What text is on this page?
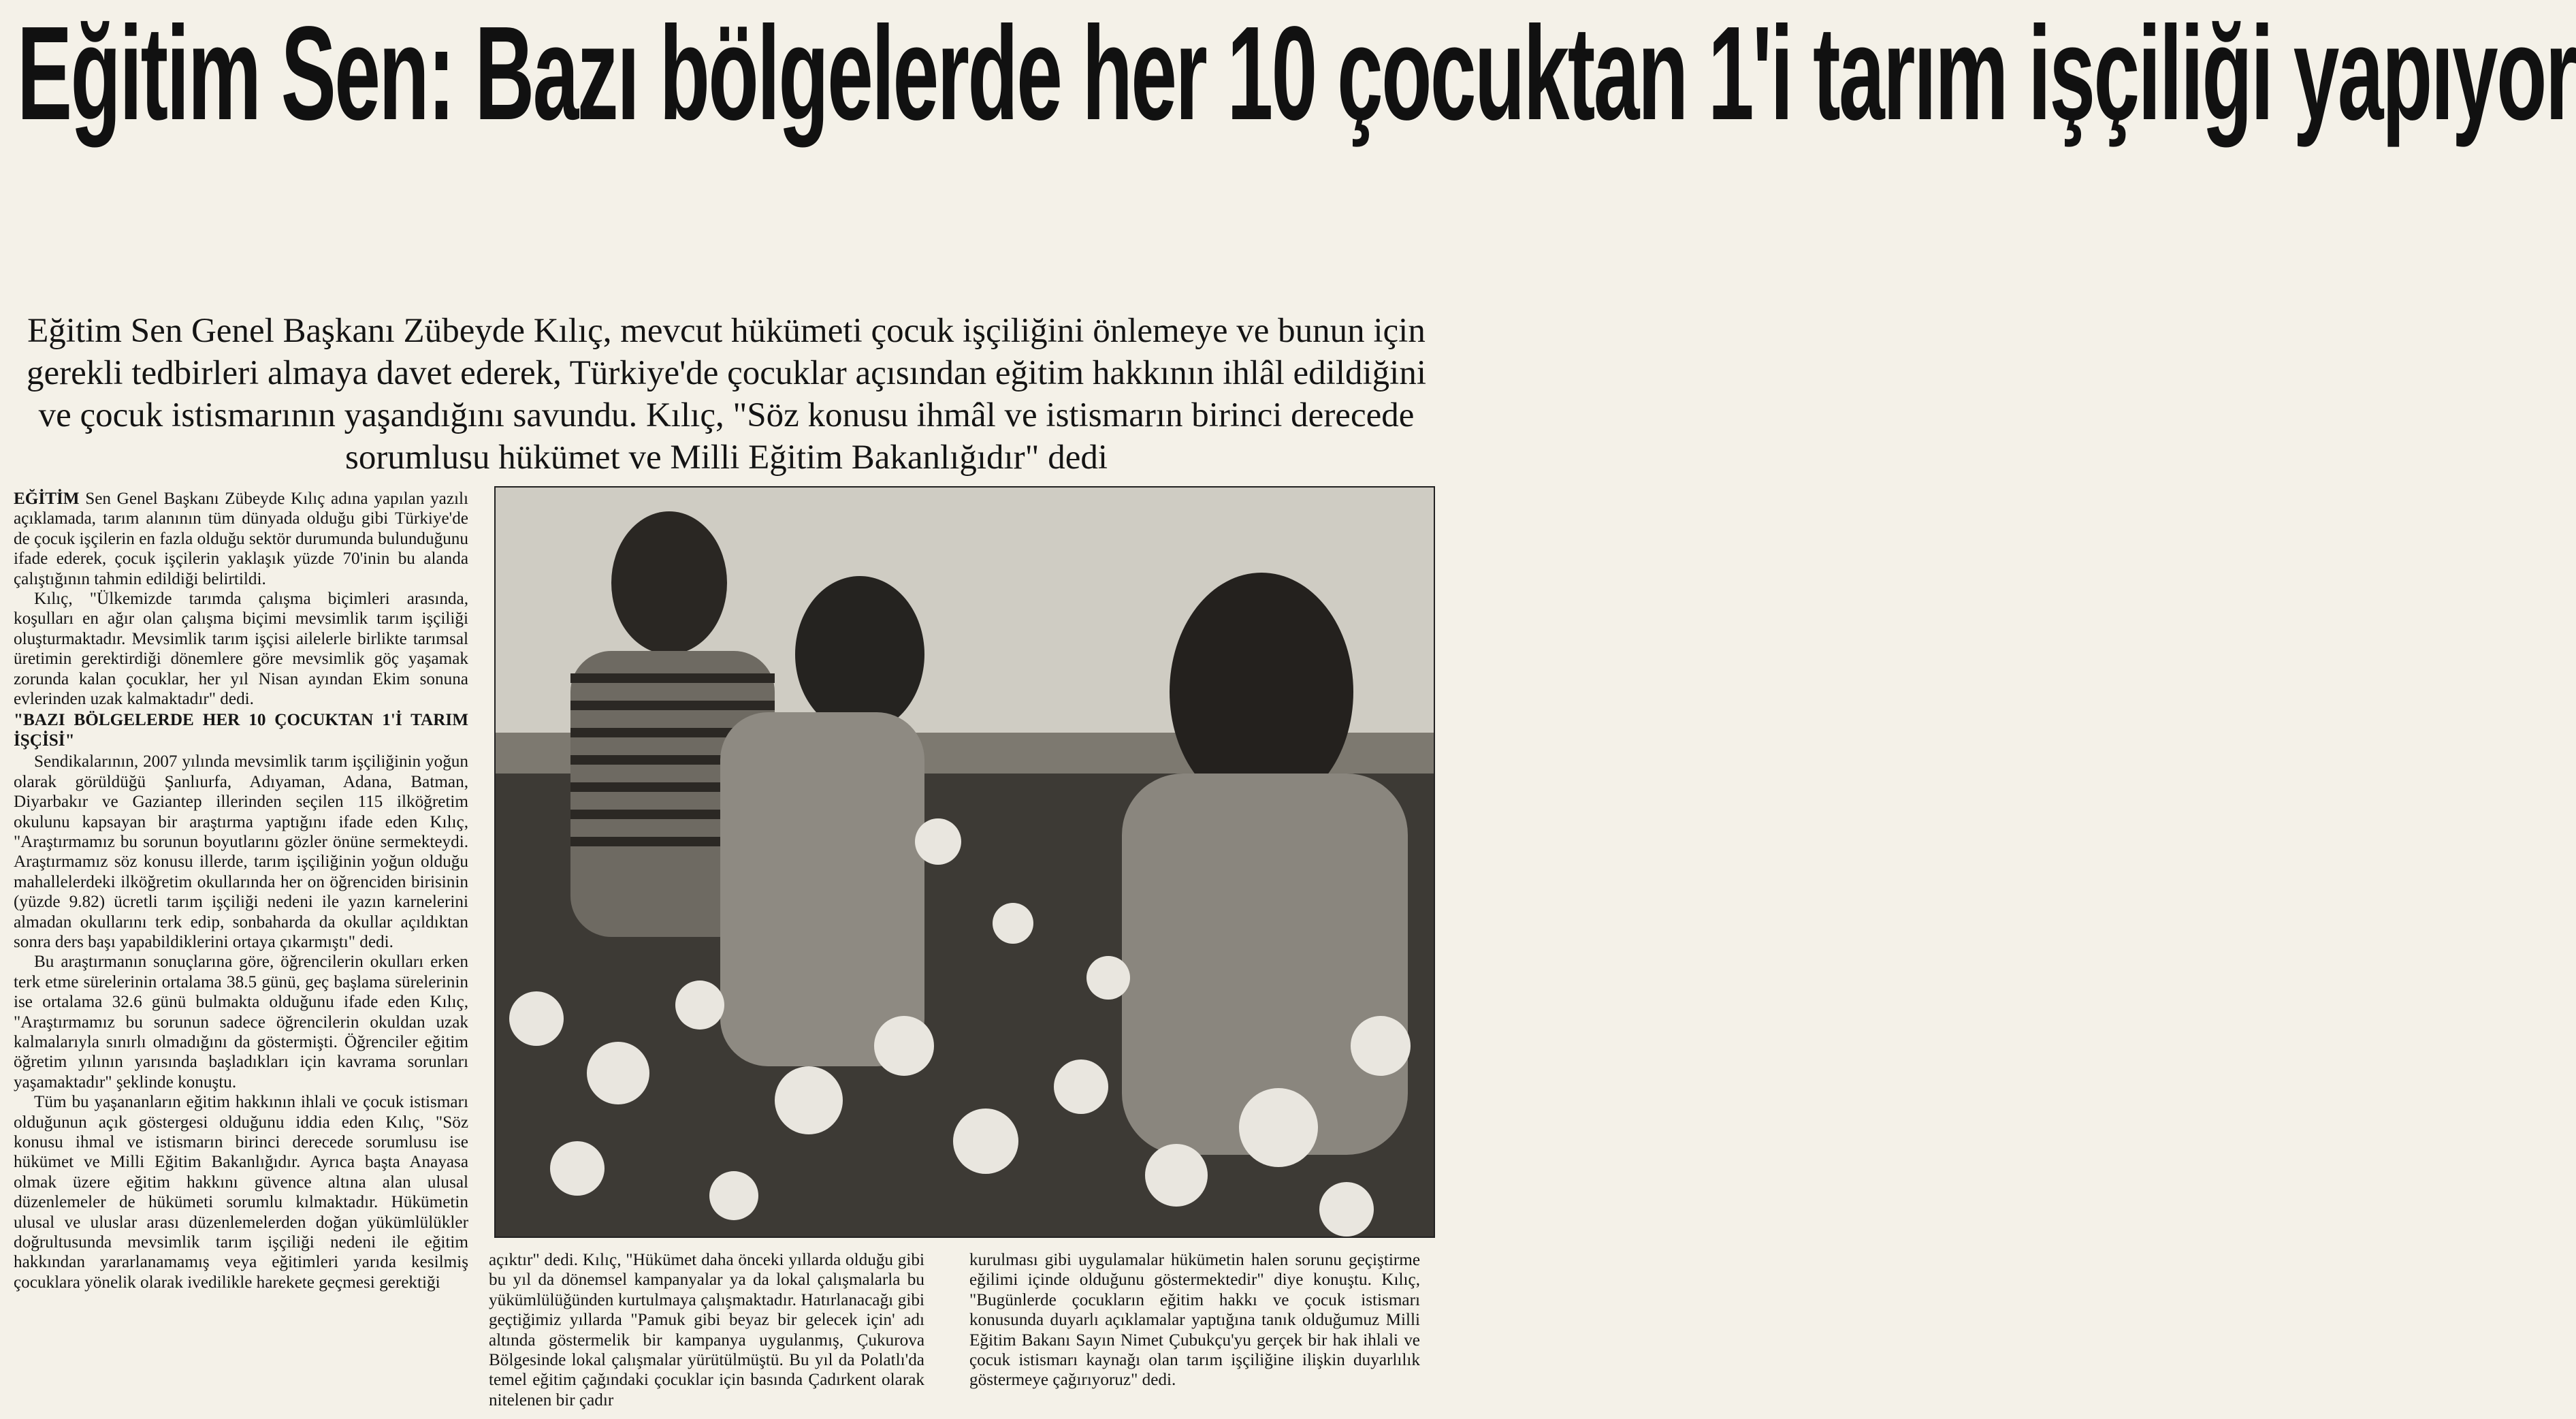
Eğitim Sen: Bazı bölgelerde her 10 çocuktan 1'i tarım işçiliği yapıyor
Eğitim Sen Genel Başkanı Zübeyde Kılıç, mevcut hükümeti çocuk işçiliğini önlemeye ve bunun için gerekli tedbirleri almaya davet ederek, Türkiye'de çocuklar açısından eğitim hakkının ihlâl edildiğini ve çocuk istismarının yaşandığını savundu. Kılıç, "Söz konusu ihmâl ve istismarın birinci derecede sorumlusu hükümet ve Milli Eğitim Bakanlığıdır" dedi

EĞİTİM Sen Genel Başkanı Zübeyde Kılıç adına yapılan yazılı açıklamada, tarım alanının tüm dünyada olduğu gibi Türkiye'de de çocuk işçilerin en fazla olduğu sektör durumunda bulunduğunu ifade ederek, çocuk işçilerin yaklaşık yüzde 70'inin bu alanda çalıştığının tahmin edildiği belirtildi.

Kılıç, "Ülkemizde tarımda çalışma biçimleri arasında, koşulları en ağır olan çalışma biçimi mevsimlik tarım işçiliği oluşturmaktadır. Mevsimlik tarım işçisi ailelerle birlikte tarımsal üretimin gerektirdiği dönemlere göre mevsimlik göç yaşamak zorunda kalan çocuklar, her yıl Nisan ayından Ekim sonuna evlerinden uzak kalmaktadır" dedi.

"BAZI BÖLGELERDE HER 10 ÇOCUKTAN 1'İ TARIM İŞÇİSİ"

Sendikalarının, 2007 yılında mevsimlik tarım işçiliğinin yoğun olarak görüldüğü Şanlıurfa, Adıyaman, Adana, Batman, Diyarbakır ve Gaziantep illerinden seçilen 115 ilköğretim okulunu kapsayan bir araştırma yaptığını ifade eden Kılıç, "Araştırmamız bu sorunun boyutlarını gözler önüne sermekteydi. Araştırmamız söz konusu illerde, tarım işçiliğinin yoğun olduğu mahallelerdeki ilköğretim okullarında her on öğrenciden birisinin (yüzde 9.82) ücretli tarım işçiliği nedeni ile yazın karnelerini almadan okullarını terk edip, sonbaharda da okullar açıldıktan sonra ders başı yapabildiklerini ortaya çıkarmıştı" dedi.

Bu araştırmanın sonuçlarına göre, öğrencilerin okulları erken terk etme sürelerinin ortalama 38.5 günü, geç başlama sürelerinin ise ortalama 32.6 günü bulmakta olduğunu ifade eden Kılıç, "Araştırmamız bu sorunun sadece öğrencilerin okuldan uzak kalmalarıyla sınırlı olmadığını da göstermişti. Öğrenciler eğitim öğretim yılının yarısında başladıkları için kavrama sorunları yaşamaktadır" şeklinde konuştu.

Tüm bu yaşananların eğitim hakkının ihlali ve çocuk istismarı olduğunun açık göstergesi olduğunu iddia eden Kılıç, "Söz konusu ihmal ve istismarın birinci derecede sorumlusu ise hükümet ve Milli Eğitim Bakanlığıdır. Ayrıca başta Anayasa olmak üzere eğitim hakkını güvence altına alan ulusal düzenlemeler de hükümeti sorumlu kılmaktadır. Hükümetin ulusal ve uluslar arası düzenlemelerden doğan yükümlülükler doğrultusunda mevsimlik tarım işçiliği nedeni ile eğitim hakkından yararlanamamış veya eğitimleri yarıda kesilmiş çocuklara yönelik olarak ivedilikle harekete geçmesi gerektiği

açıktır" dedi. Kılıç, "Hükümet daha önceki yıllarda olduğu gibi bu yıl da dönemsel kampanyalar ya da lokal çalışmalarla bu yükümlülüğünden kurtulmaya çalışmaktadır. Hatırlanacağı gibi geçtiğimiz yıllarda "Pamuk gibi beyaz bir gelecek için' adı altında göstermelik bir kampanya uygulanmış, Çukurova Bölgesinde lokal çalışmalar yürütülmüştü. Bu yıl da Polatlı'da temel eğitim çağındaki çocuklar için basında Çadırkent olarak nitelenen bir çadır

kurulması gibi uygulamalar hükümetin halen sorunu geçiştirme eğilimi içinde olduğunu göstermektedir" diye konuştu. Kılıç, "Bugünlerde çocukların eğitim hakkı ve çocuk istismarı konusunda duyarlı açıklamalar yaptığına tanık olduğumuz Milli Eğitim Bakanı Sayın Nimet Çubukçu'yu gerçek bir hak ihlali ve çocuk istismarı kaynağı olan tarım işçiliğine ilişkin duyarlılık göstermeye çağırıyoruz" dedi.
